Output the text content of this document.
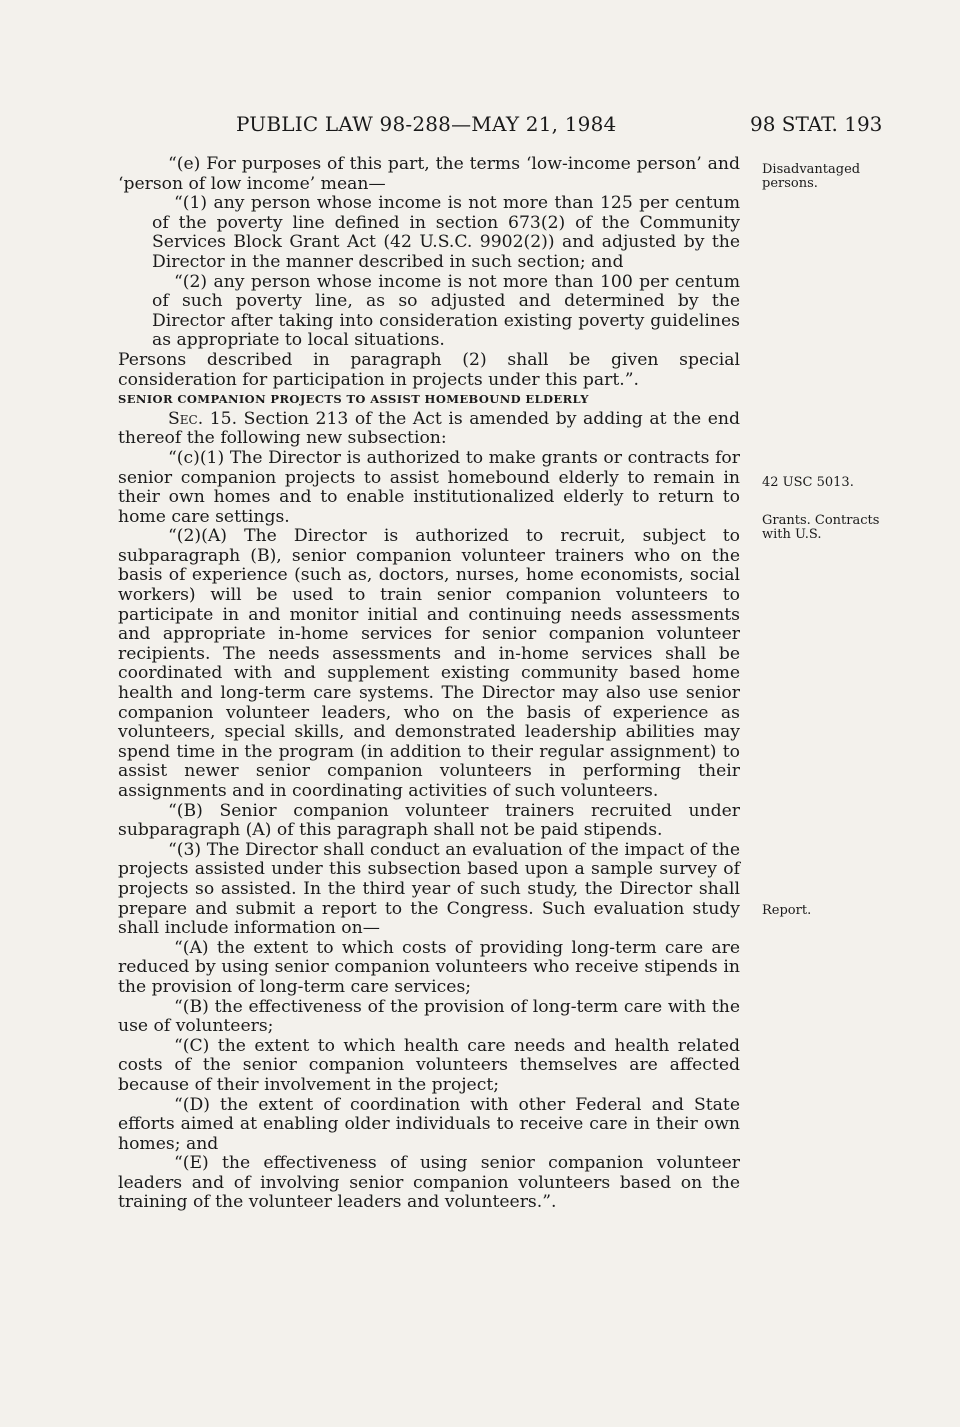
PUBLIC LAW 98-288—MAY 21, 1984	98 STAT. 193
Disadvantaged persons.
42 USC 5013.
Grants. Contracts with U.S.
Report.

“(e) For purposes of this part, the terms ‘low-income person’ and ‘person of low income’ mean—

“(1) any person whose income is not more than 125 per centum of the poverty line defined in section 673(2) of the Community Services Block Grant Act (42 U.S.C. 9902(2)) and adjusted by the Director in the manner described in such section; and

“(2) any person whose income is not more than 100 per centum of such poverty line, as so adjusted and determined by the Director after taking into consideration existing poverty guidelines as appropriate to local situations.

Persons described in paragraph (2) shall be given special consideration for participation in projects under this part.”.

SENIOR COMPANION PROJECTS TO ASSIST HOMEBOUND ELDERLY

Sec. 15. Section 213 of the Act is amended by adding at the end thereof the following new subsection:

“(c)(1) The Director is authorized to make grants or contracts for senior companion projects to assist homebound elderly to remain in their own homes and to enable institutionalized elderly to return to home care settings.

“(2)(A) The Director is authorized to recruit, subject to subparagraph (B), senior companion volunteer trainers who on the basis of experience (such as, doctors, nurses, home economists, social workers) will be used to train senior companion volunteers to participate in and monitor initial and continuing needs assessments and appropriate in-home services for senior companion volunteer recipients. The needs assessments and in-home services shall be coordinated with and supplement existing community based home health and long-term care systems. The Director may also use senior companion volunteer leaders, who on the basis of experience as volunteers, special skills, and demonstrated leadership abilities may spend time in the program (in addition to their regular assignment) to assist newer senior companion volunteers in performing their assignments and in coordinating activities of such volunteers.

“(B) Senior companion volunteer trainers recruited under subparagraph (A) of this paragraph shall not be paid stipends.

“(3) The Director shall conduct an evaluation of the impact of the projects assisted under this subsection based upon a sample survey of projects so assisted. In the third year of such study, the Director shall prepare and submit a report to the Congress. Such evaluation study shall include information on—

“(A) the extent to which costs of providing long-term care are reduced by using senior companion volunteers who receive stipends in the provision of long-term care services;

“(B) the effectiveness of the provision of long-term care with the use of volunteers;

“(C) the extent to which health care needs and health related costs of the senior companion volunteers themselves are affected because of their involvement in the project;

“(D) the extent of coordination with other Federal and State efforts aimed at enabling older individuals to receive care in their own homes; and

“(E) the effectiveness of using senior companion volunteer leaders and of involving senior companion volunteers based on the training of the volunteer leaders and volunteers.”.
